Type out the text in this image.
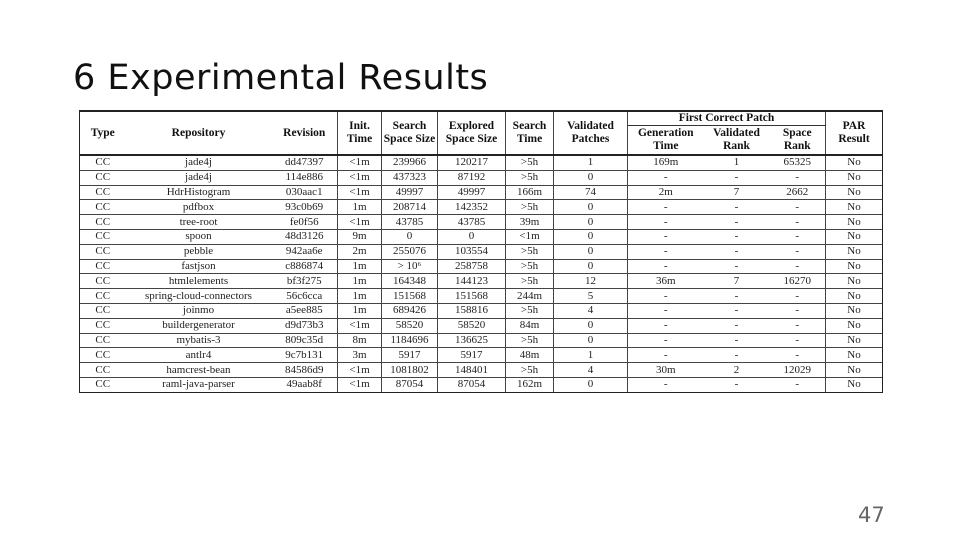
6 Experimental Results
Type	Repository	Revision	Init. Time	Search Space Size	Explored Space Size	Search Time	Validated Patches	First Correct Patch			PAR Result
								Generation Time	Validated Rank	Space Rank	
CC	jade4j	dd47397	<1m	239966	120217	>5h	1	169m	1	65325	No
CC	jade4j	114e886	<1m	437323	87192	>5h	0	-	-	-	No
CC	HdrHistogram	030aac1	<1m	49997	49997	166m	74	2m	7	2662	No
CC	pdfbox	93c0b69	1m	208714	142352	>5h	0	-	-	-	No
CC	tree-root	fe0f56	<1m	43785	43785	39m	0	-	-	-	No
CC	spoon	48d3126	9m	0	0	<1m	0	-	-	-	No
CC	pebble	942aa6e	2m	255076	103554	>5h	0	-	-	-	No
CC	fastjson	c886874	1m	> 10⁶	258758	>5h	0	-	-	-	No
CC	htmlelements	bf3f275	1m	164348	144123	>5h	12	36m	7	16270	No
CC	spring-cloud-connectors	56c6cca	1m	151568	151568	244m	5	-	-	-	No
CC	joinmo	a5ee885	1m	689426	158816	>5h	4	-	-	-	No
CC	buildergenerator	d9d73b3	<1m	58520	58520	84m	0	-	-	-	No
CC	mybatis-3	809c35d	8m	1184696	136625	>5h	0	-	-	-	No
CC	antlr4	9c7b131	3m	5917	5917	48m	1	-	-	-	No
CC	hamcrest-bean	84586d9	<1m	1081802	148401	>5h	4	30m	2	12029	No
CC	raml-java-parser	49aab8f	<1m	87054	87054	162m	0	-	-	-	No
47
